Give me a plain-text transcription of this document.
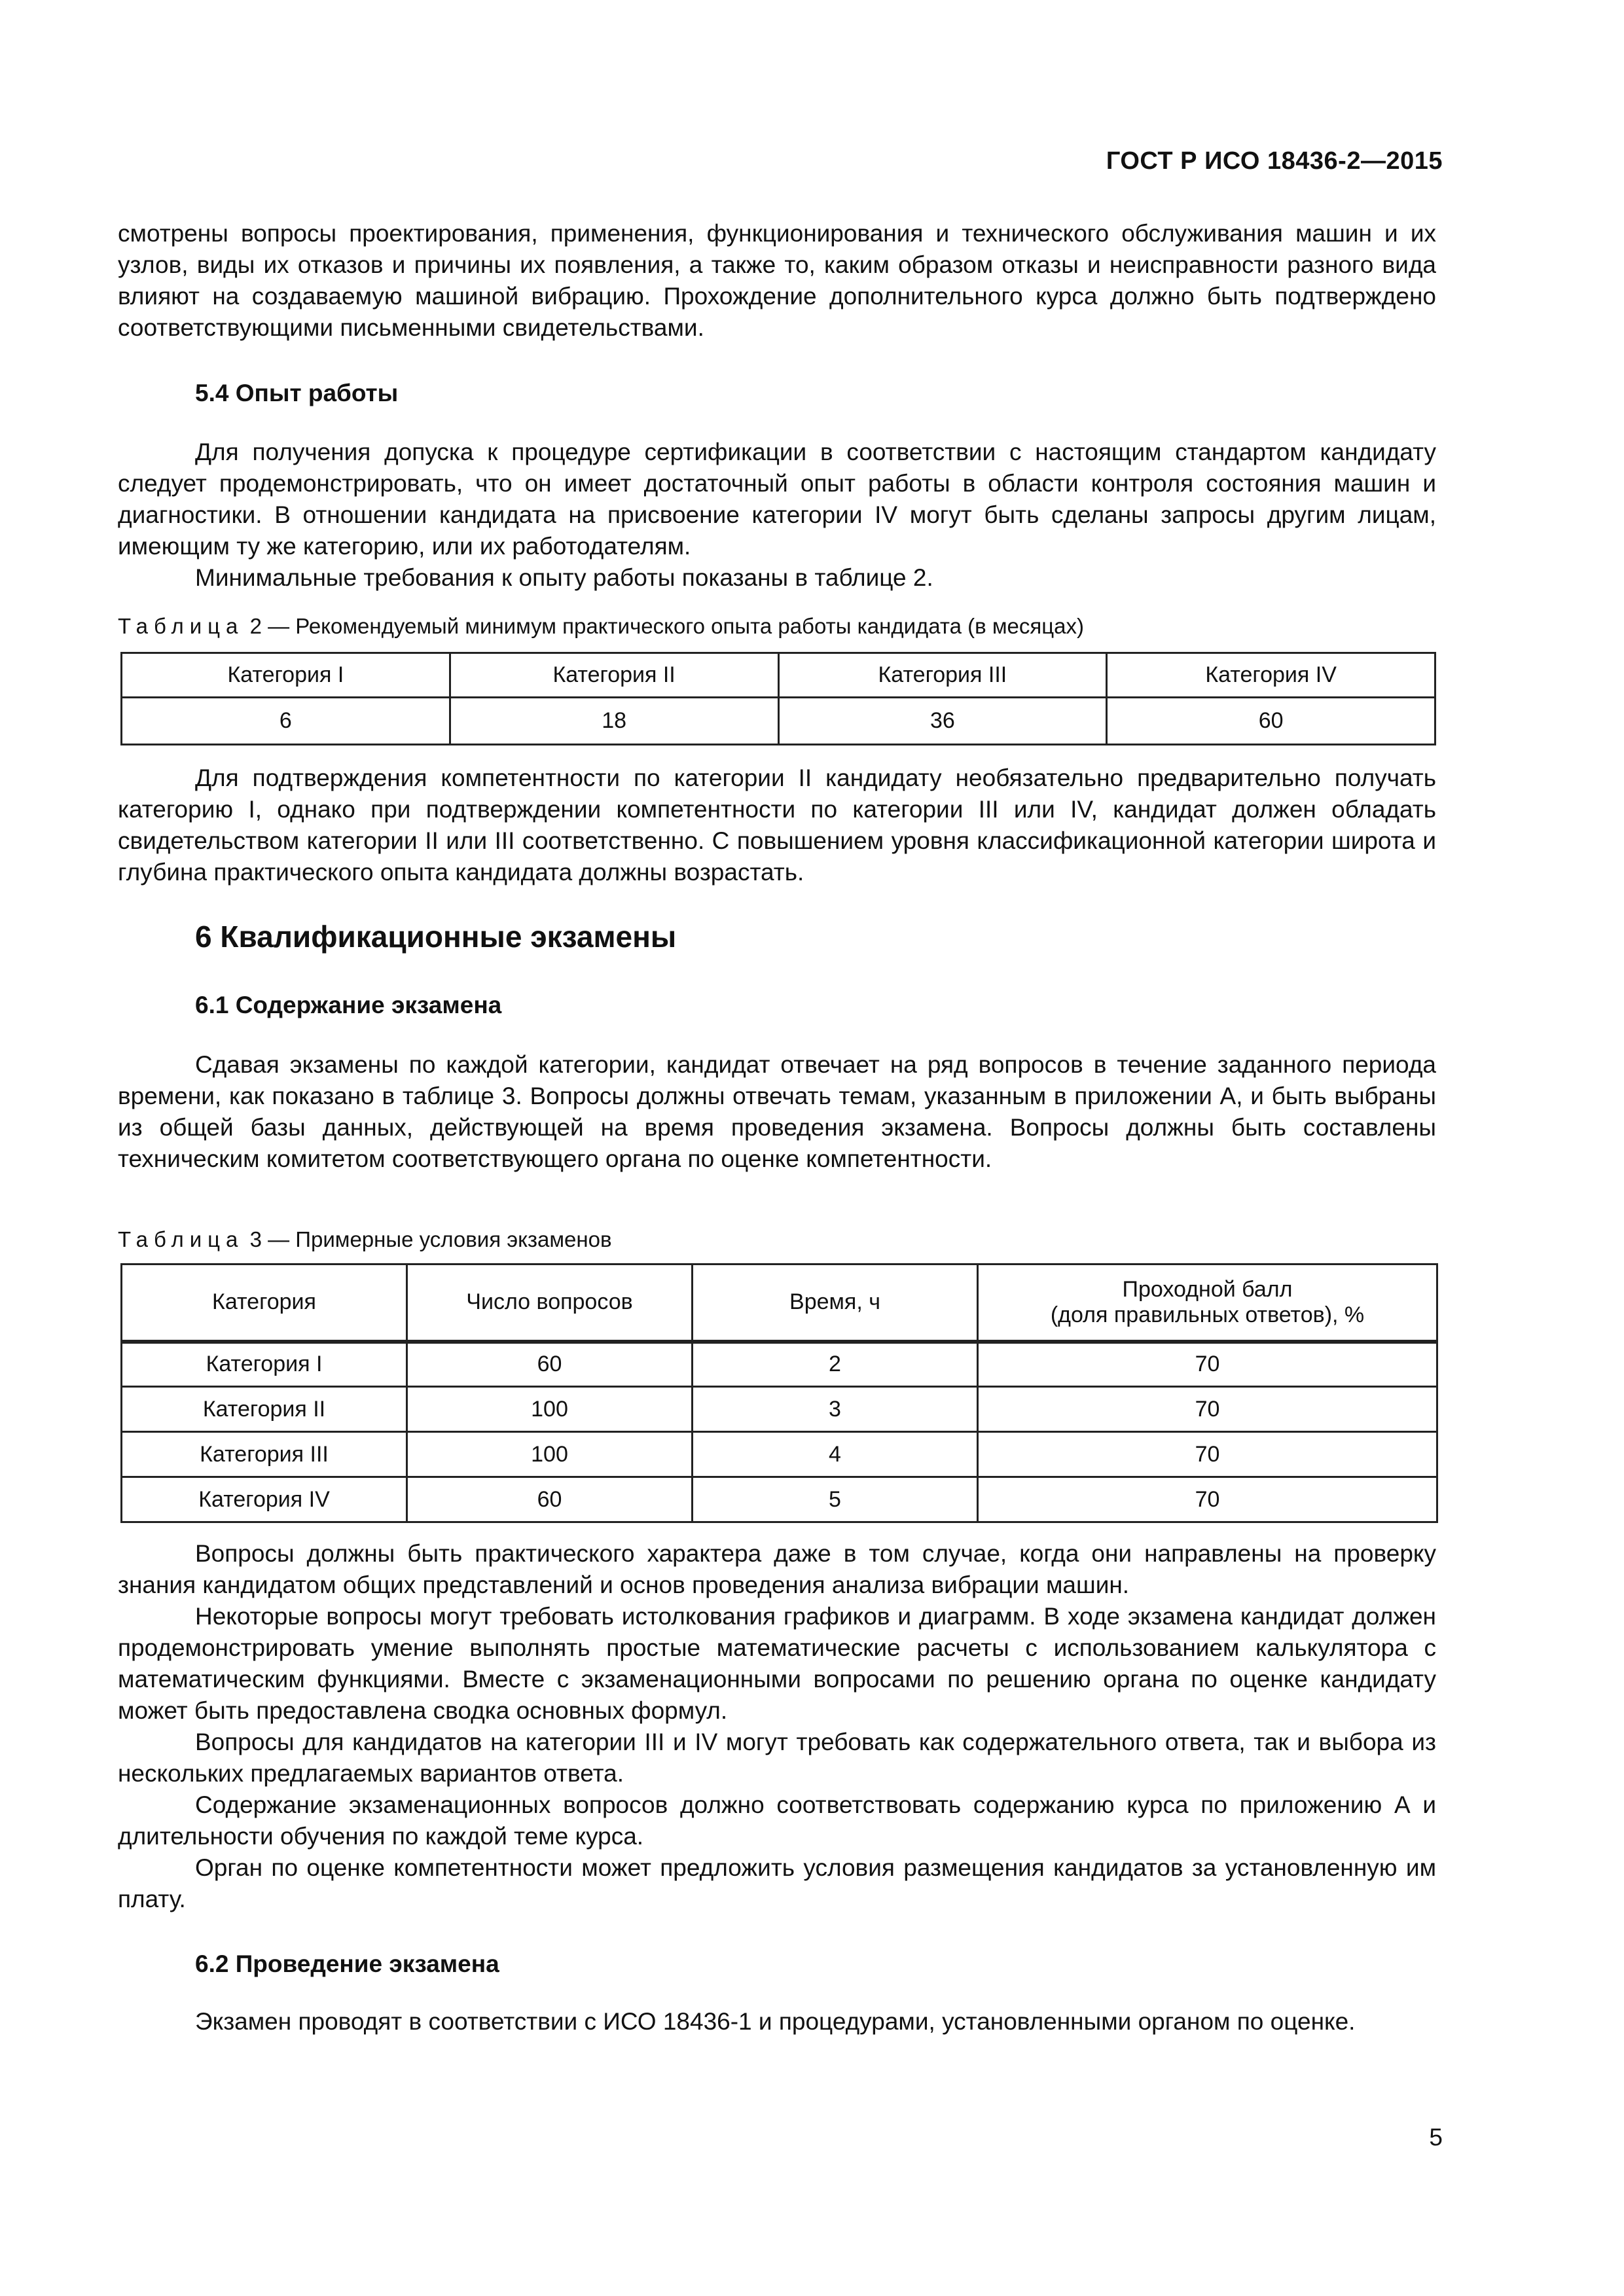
ГОСТ Р ИСО 18436-2—2015

смотрены вопросы проектирования, применения, функционирования и технического обслуживания машин и их узлов, виды их отказов и причины их появления, а также то, каким образом отказы и неисправности разного вида влияют на создаваемую машиной вибрацию. Прохождение дополнительного курса должно быть подтверждено соответствующими письменными свидетельствами.

5.4 Опыт работы

Для получения допуска к процедуре сертификации в соответствии с настоящим стандартом кандидату следует продемонстрировать, что он имеет достаточный опыт работы в области контроля состояния машин и диагностики. В отношении кандидата на присвоение категории IV могут быть сделаны запросы другим лицам, имеющим ту же категорию, или их работодателям.

Минимальные требования к опыту работы показаны в таблице 2.

Таблица 2 — Рекомендуемый минимум практического опыта работы кандидата (в месяцах)

Категория I	Категория II	Категория III	Категория IV
6	18	36	60

Для подтверждения компетентности по категории II кандидату необязательно предварительно получать категорию I, однако при подтверждении компетентности по категории III или IV, кандидат должен обладать свидетельством категории II или III соответственно. С повышением уровня классификационной категории широта и глубина практического опыта кандидата должны возрастать.

6 Квалификационные экзамены
6.1 Содержание экзамена

Сдавая экзамены по каждой категории, кандидат отвечает на ряд вопросов в течение заданного периода времени, как показано в таблице 3. Вопросы должны отвечать темам, указанным в приложении А, и быть выбраны из общей базы данных, действующей на время проведения экзамена. Вопросы должны быть составлены техническим комитетом соответствующего органа по оценке компетентности.

Таблица 3 — Примерные условия экзаменов

Категория	Число вопросов	Время, ч	Проходной балл
(доля правильных ответов), %

Категория I	60	2	70
Категория II	100	3	70
Категория III	100	4	70
Категория IV	60	5	70

Вопросы должны быть практического характера даже в том случае, когда они направлены на проверку знания кандидатом общих представлений и основ проведения анализа вибрации машин.

Некоторые вопросы могут требовать истолкования графиков и диаграмм. В ходе экзамена кандидат должен продемонстрировать умение выполнять простые математические расчеты с использованием калькулятора с математическим функциями. Вместе с экзаменационными вопросами по решению органа по оценке кандидату может быть предоставлена сводка основных формул.

Вопросы для кандидатов на категории III и IV могут требовать как содержательного ответа, так и выбора из нескольких предлагаемых вариантов ответа.

Содержание экзаменационных вопросов должно соответствовать содержанию курса по приложению А и длительности обучения по каждой теме курса.

Орган по оценке компетентности может предложить условия размещения кандидатов за установленную им плату.

6.2 Проведение экзамена

Экзамен проводят в соответствии с ИСО 18436-1 и процедурами, установленными органом по оценке.

5
